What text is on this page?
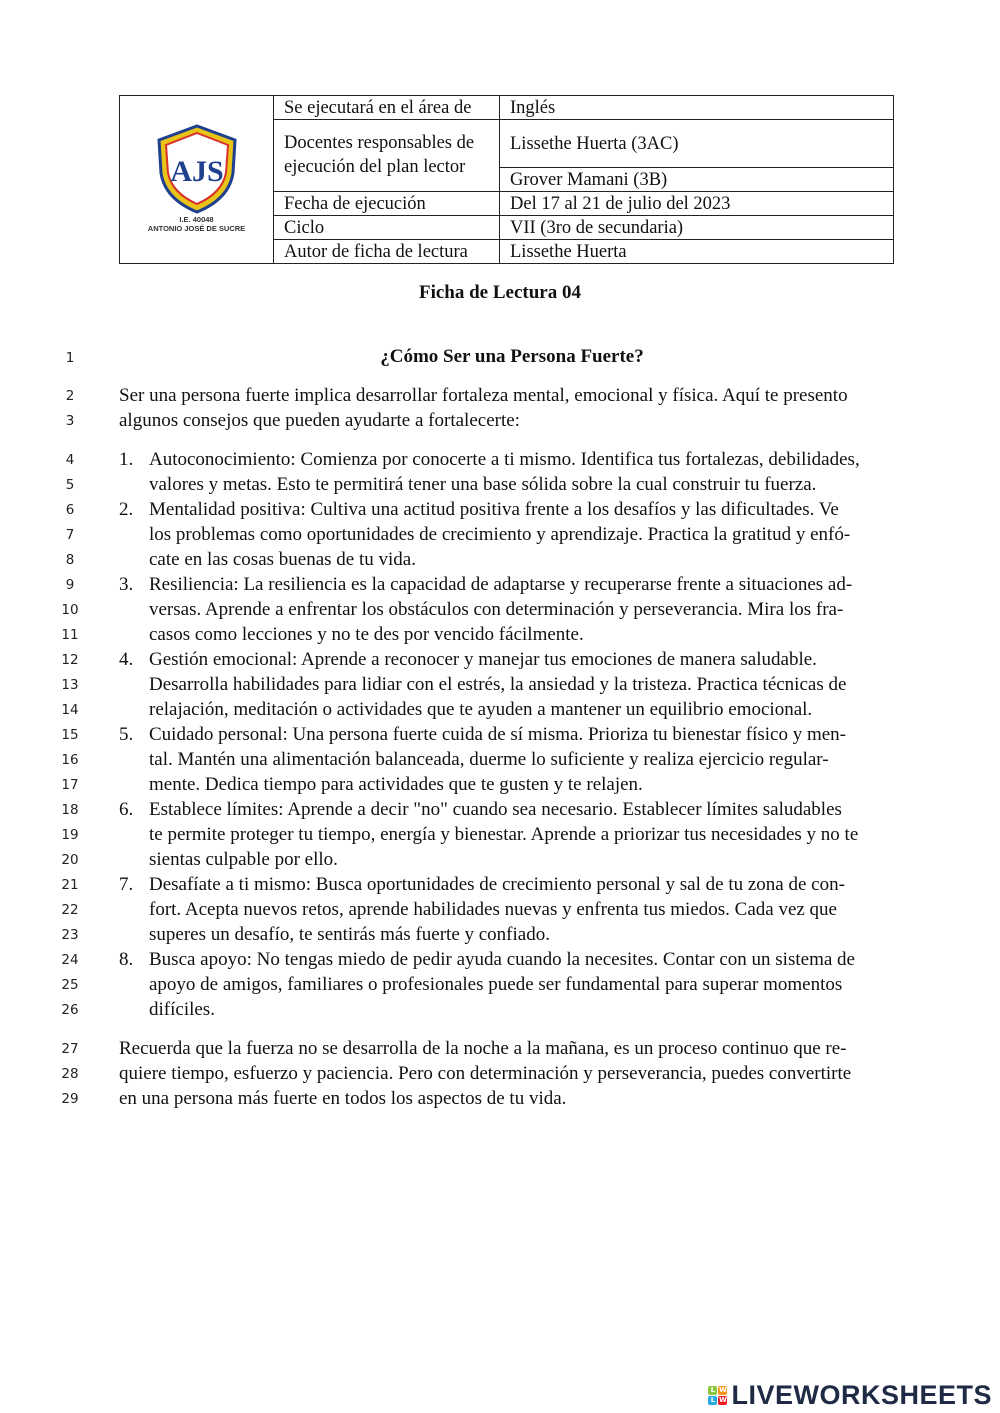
AJS
I.E. 40048
ANTONIO JOSÉ DE SUCRE	Se ejecutará en el área de	Inglés

	Docentes responsables de
ejecución del plan lector	Lissethe Huerta (3AC)
		Grover Mamani (3B)
	Fecha de ejecución	Del 17 al 21 de julio del 2023
	Ciclo	VII (3ro de secundaria)
	Autor de ficha de lectura	Lissethe Huerta
Ficha de Lectura 04
1
2
3
4
5
6
7
8
9
10
11
12
13
14
15
16
17
18
19
20
21
22
23
24
25
26
27
28
29
¿Cómo Ser una Persona Fuerte?
Ser una persona fuerte implica desarrollar fortaleza mental, emocional y física. Aquí te presento
algunos consejos que pueden ayudarte a fortalecerte:
1. Autoconocimiento: Comienza por conocerte a ti mismo. Identifica tus fortalezas, debilidades,
valores y metas. Esto te permitirá tener una base sólida sobre la cual construir tu fuerza.
2. Mentalidad positiva: Cultiva una actitud positiva frente a los desafíos y las dificultades. Ve
los problemas como oportunidades de crecimiento y aprendizaje. Practica la gratitud y enfó-
cate en las cosas buenas de tu vida.
3. Resiliencia: La resiliencia es la capacidad de adaptarse y recuperarse frente a situaciones ad-
versas. Aprende a enfrentar los obstáculos con determinación y perseverancia. Mira los fra-
casos como lecciones y no te des por vencido fácilmente.
4. Gestión emocional: Aprende a reconocer y manejar tus emociones de manera saludable.
Desarrolla habilidades para lidiar con el estrés, la ansiedad y la tristeza. Practica técnicas de
relajación, meditación o actividades que te ayuden a mantener un equilibrio emocional.
5. Cuidado personal: Una persona fuerte cuida de sí misma. Prioriza tu bienestar físico y men-
tal. Mantén una alimentación balanceada, duerme lo suficiente y realiza ejercicio regular-
mente. Dedica tiempo para actividades que te gusten y te relajen.
6. Establece límites: Aprende a decir "no" cuando sea necesario. Establecer límites saludables
te permite proteger tu tiempo, energía y bienestar. Aprende a priorizar tus necesidades y no te
sientas culpable por ello.
7. Desafíate a ti mismo: Busca oportunidades de crecimiento personal y sal de tu zona de con-
fort. Acepta nuevos retos, aprende habilidades nuevas y enfrenta tus miedos. Cada vez que
superes un desafío, te sentirás más fuerte y confiado.
8. Busca apoyo: No tengas miedo de pedir ayuda cuando la necesites. Contar con un sistema de
apoyo de amigos, familiares o profesionales puede ser fundamental para superar momentos
difíciles.
Recuerda que la fuerza no se desarrolla de la noche a la mañana, es un proceso continuo que re-
quiere tiempo, esfuerzo y paciencia. Pero con determinación y perseverancia, puedes convertirte
en una persona más fuerte en todos los aspectos de tu vida.
L W
L W LIVEWORKSHEETS
